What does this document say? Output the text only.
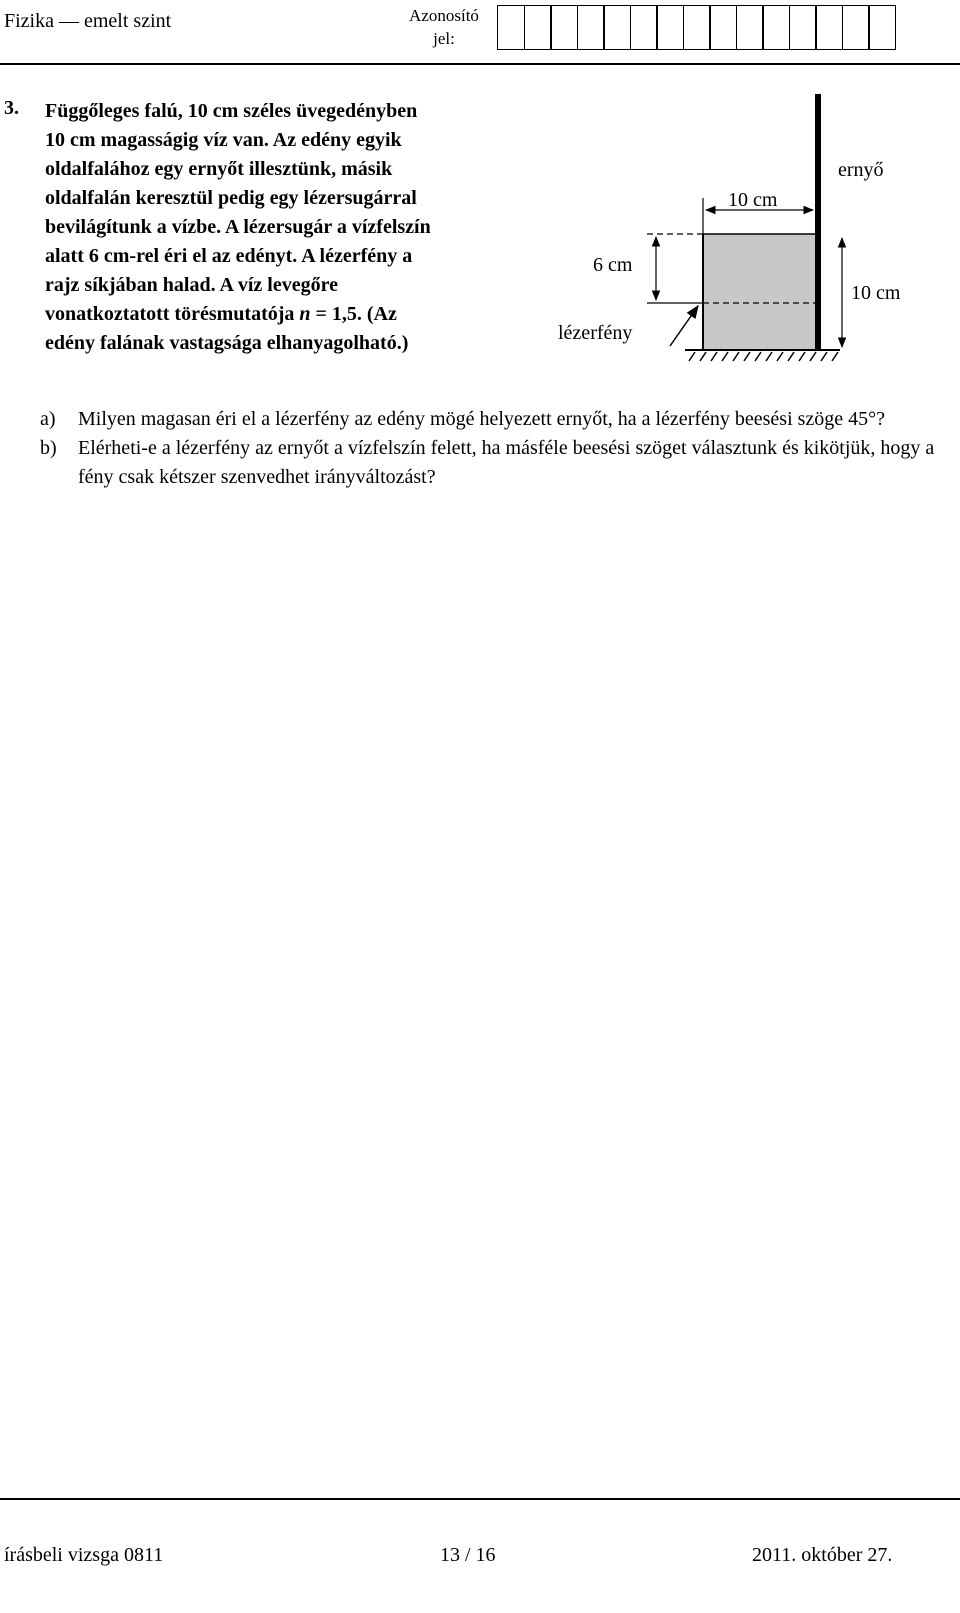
Fizika — emelt szint	Azonosító
jel:
3. Függőleges falú, 10 cm széles üvegedényben

10 cm magasságig víz van. Az edény egyik

oldalfalához egy ernyőt illesztünk, másik

oldalfalán keresztül pedig egy lézersugárral

bevilágítunk a vízbe. A lézersugár a vízfelszín

alatt 6 cm-rel éri el az edényt. A lézerfény a

rajz síkjában halad. A víz levegőre

vonatkoztatott törésmutatója n = 1,5. (Az

edény falának vastagsága elhanyagolható.)

10 cm
6 cm
10 cm
ernyő
lézerfény
a)	Milyen magasan éri el a lézerfény az edény mögé helyezett ernyőt, ha a lézerfény beesési szöge 45°?
b)	Elérheti-e a lézerfény az ernyőt a vízfelszín felett, ha másféle beesési szöget választunk és kikötjük, hogy a fény csak kétszer szenvedhet irányváltozást?
írásbeli vizsga 0811	13 / 16	2011. október 27.
